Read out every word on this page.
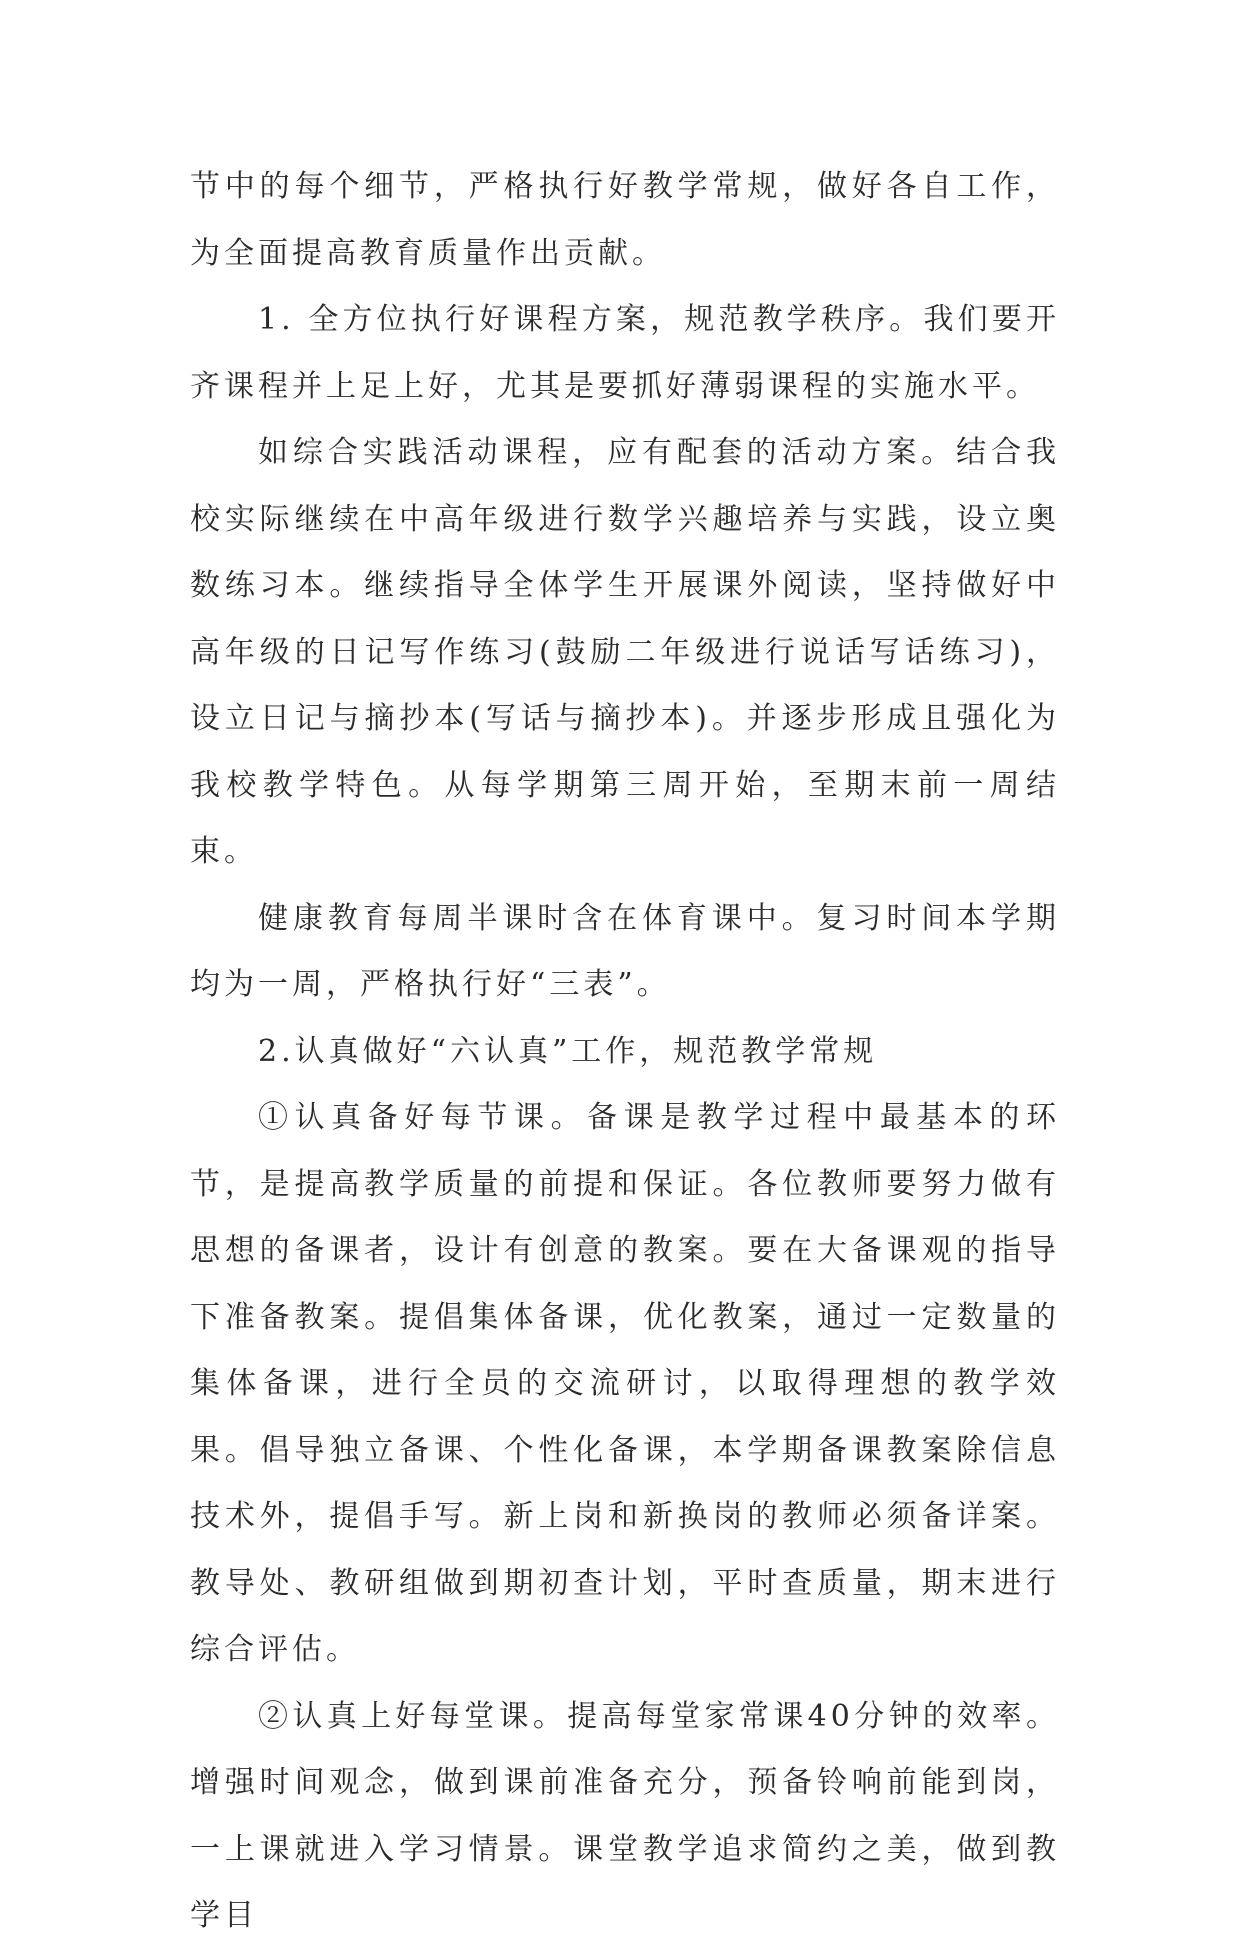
节中的每个细节，严格执行好教学常规，做好各自工作，为全面提高教育质量作出贡献。

1. 全方位执行好课程方案，规范教学秩序。我们要开齐课程并上足上好，尤其是要抓好薄弱课程的实施水平。

如综合实践活动课程，应有配套的活动方案。结合我校实际继续在中高年级进行数学兴趣培养与实践，设立奥数练习本。继续指导全体学生开展课外阅读，坚持做好中高年级的日记写作练习(鼓励二年级进行说话写话练习)，设立日记与摘抄本(写话与摘抄本)。并逐步形成且强化为我校教学特色。从每学期第三周开始，至期末前一周结束。

健康教育每周半课时含在体育课中。复习时间本学期均为一周，严格执行好“三表”。

2.认真做好“六认真”工作，规范教学常规

①认真备好每节课。备课是教学过程中最基本的环节，是提高教学质量的前提和保证。各位教师要努力做有思想的备课者，设计有创意的教案。要在大备课观的指导下准备教案。提倡集体备课，优化教案，通过一定数量的集体备课，进行全员的交流研讨，以取得理想的教学效果。倡导独立备课、个性化备课，本学期备课教案除信息技术外，提倡手写。新上岗和新换岗的教师必须备详案。教导处、教研组做到期初查计划，平时查质量，期末进行综合评估。

②认真上好每堂课。提高每堂家常课40分钟的效率。增强时间观念，做到课前准备充分，预备铃响前能到岗，一上课就进入学习情景。课堂教学追求简约之美，做到教学目
